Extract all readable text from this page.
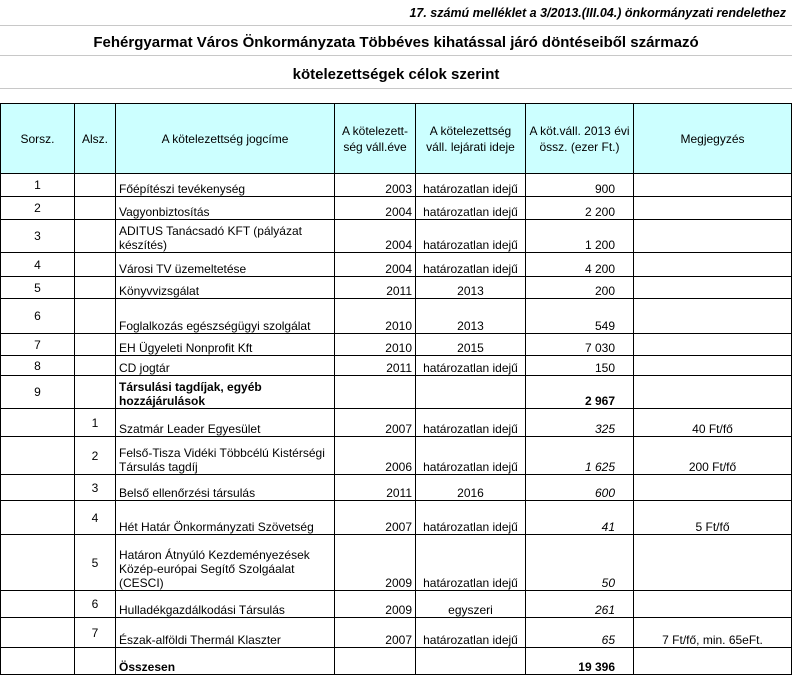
17. számú melléklet a 3/2013.(III.04.) önkormányzati rendelethez
Fehérgyarmat Város Önkormányzata Többéves kihatással járó döntéseiből származó
kötelezettségek célok szerint
Sorsz.	Alsz.	A kötelezettség jogcíme	A kötelezett-ség váll.éve	A kötelezettség váll. lejárati ideje	A köt.váll. 2013 évi össz. (ezer Ft.)	Megjegyzés
1		Főépítészi tevékenység	2003	határozatlan idejű	900	
2		Vagyonbiztosítás	2004	határozatlan idejű	2 200	
3		ADITUS Tanácsadó KFT (pályázat készítés)	2004	határozatlan idejű	1 200	
4		Városi TV üzemeltetése	2004	határozatlan idejű	4 200	
5		Könyvvizsgálat	2011	2013	200	
6		Foglalkozás egészségügyi szolgálat	2010	2013	549	
7		EH Ügyeleti Nonprofit Kft	2010	2015	7 030	
8		CD jogtár	2011	határozatlan idejű	150	
9		Társulási tagdíjak, egyéb hozzájárulások			2 967	
	1	Szatmár Leader Egyesület	2007	határozatlan idejű	325	40 Ft/fő
	2	Felső-Tisza Vidéki Többcélú Kistérségi Társulás tagdíj	2006	határozatlan idejű	1 625	200 Ft/fő
	3	Belső ellenőrzési társulás	2011	2016	600	
	4	Hét Határ Önkormányzati Szövetség	2007	határozatlan idejű	41	5 Ft/fő
	5	Határon Átnyúló Kezdeményezések Közép-európai Segítő Szolgáalat (CESCI)	2009	határozatlan idejű	50	
	6	Hulladékgazdálkodási Társulás	2009	egyszeri	261	
	7	Észak-alföldi Thermál Klaszter	2007	határozatlan idejű	65	7 Ft/fő, min. 65eFt.
		Összesen			19 396	
